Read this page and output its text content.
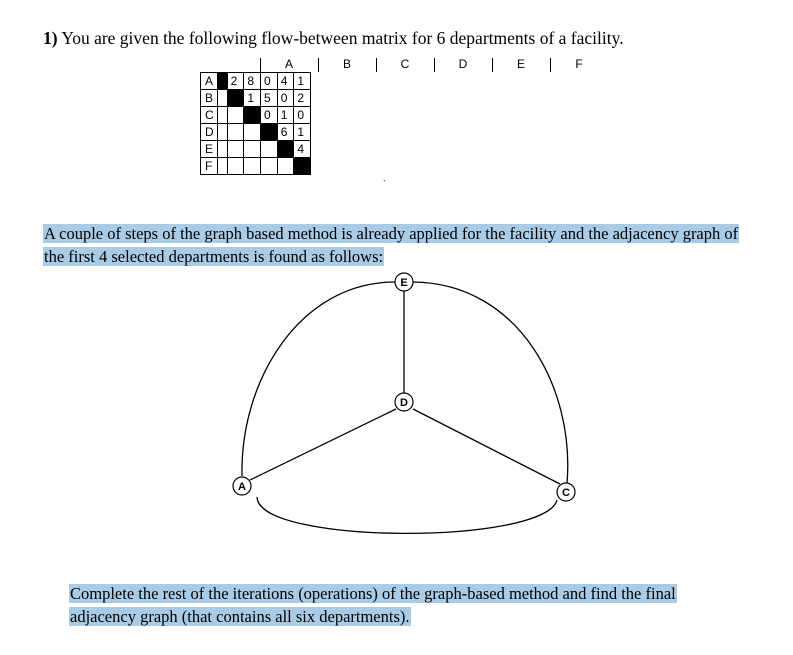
1) You are given the following flow-between matrix for 6 departments of a facility.
A	B	C	D	E	F
A		2	8	0	4	1
B			1	5	0	2
C				0	1	0
D					6	1
E						4
F						
`
A couple of steps of the graph based method is already applied for the facility and the adjacency graph of
the first 4 selected departments is found as follows:
E
D
A	C
Complete the rest of the iterations (operations) of the graph-based method and find the final
adjacency graph (that contains all six departments).
